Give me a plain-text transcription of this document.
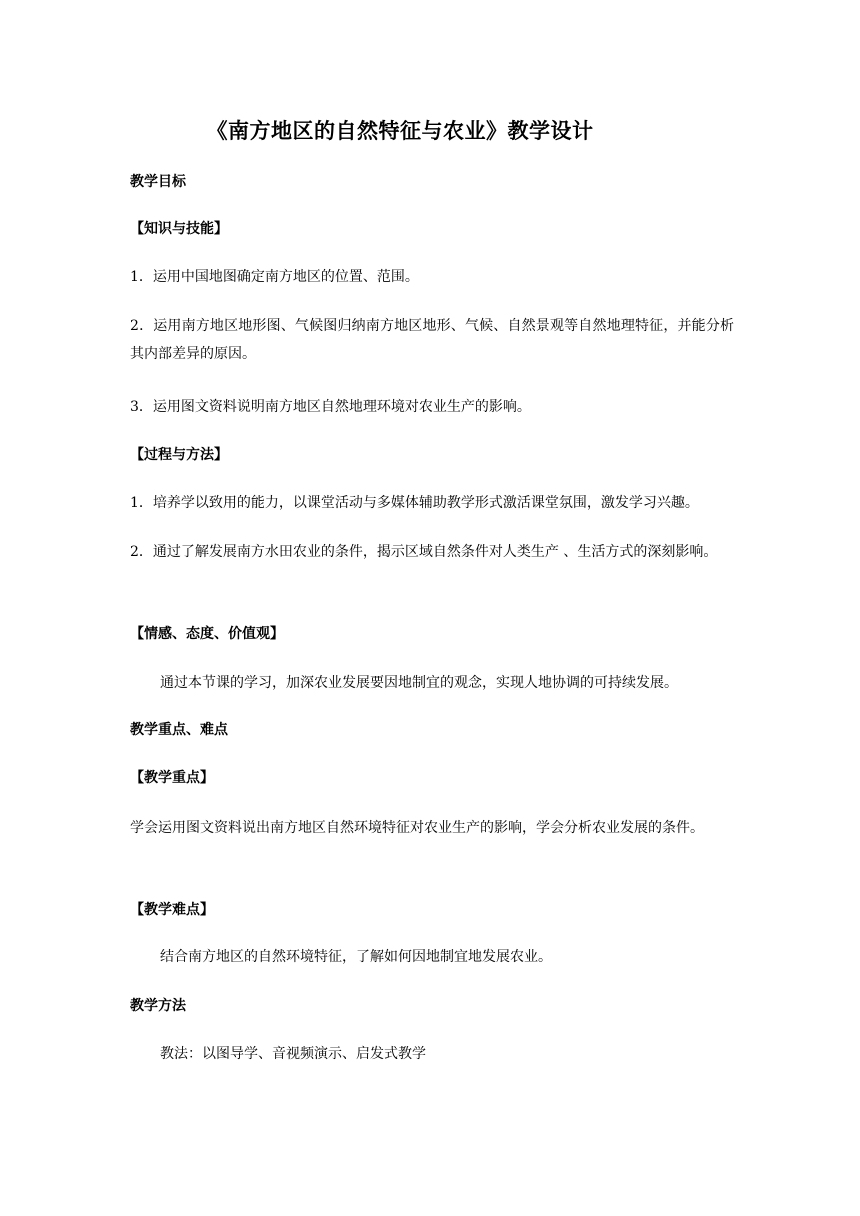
《南方地区的自然特征与农业》教学设计
教学目标
【知识与技能】
1．运用中国地图确定南方地区的位置、范围。
2．运用南方地区地形图、气候图归纳南方地区地形、气候、自然景观等自然地理特征，并能分析其内部差异的原因。
3．运用图文资料说明南方地区自然地理环境对农业生产的影响。
【过程与方法】
1．培养学以致用的能力，以课堂活动与多媒体辅助教学形式激活课堂氛围，激发学习兴趣。
2．通过了解发展南方水田农业的条件，揭示区域自然条件对人类生产 、生活方式的深刻影响。
【情感、态度、价值观】
通过本节课的学习，加深农业发展要因地制宜的观念，实现人地协调的可持续发展。
教学重点、难点
【教学重点】
学会运用图文资料说出南方地区自然环境特征对农业生产的影响，学会分析农业发展的条件。
【教学难点】
结合南方地区的自然环境特征，了解如何因地制宜地发展农业。
教学方法
教法：以图导学、音视频演示、启发式教学
